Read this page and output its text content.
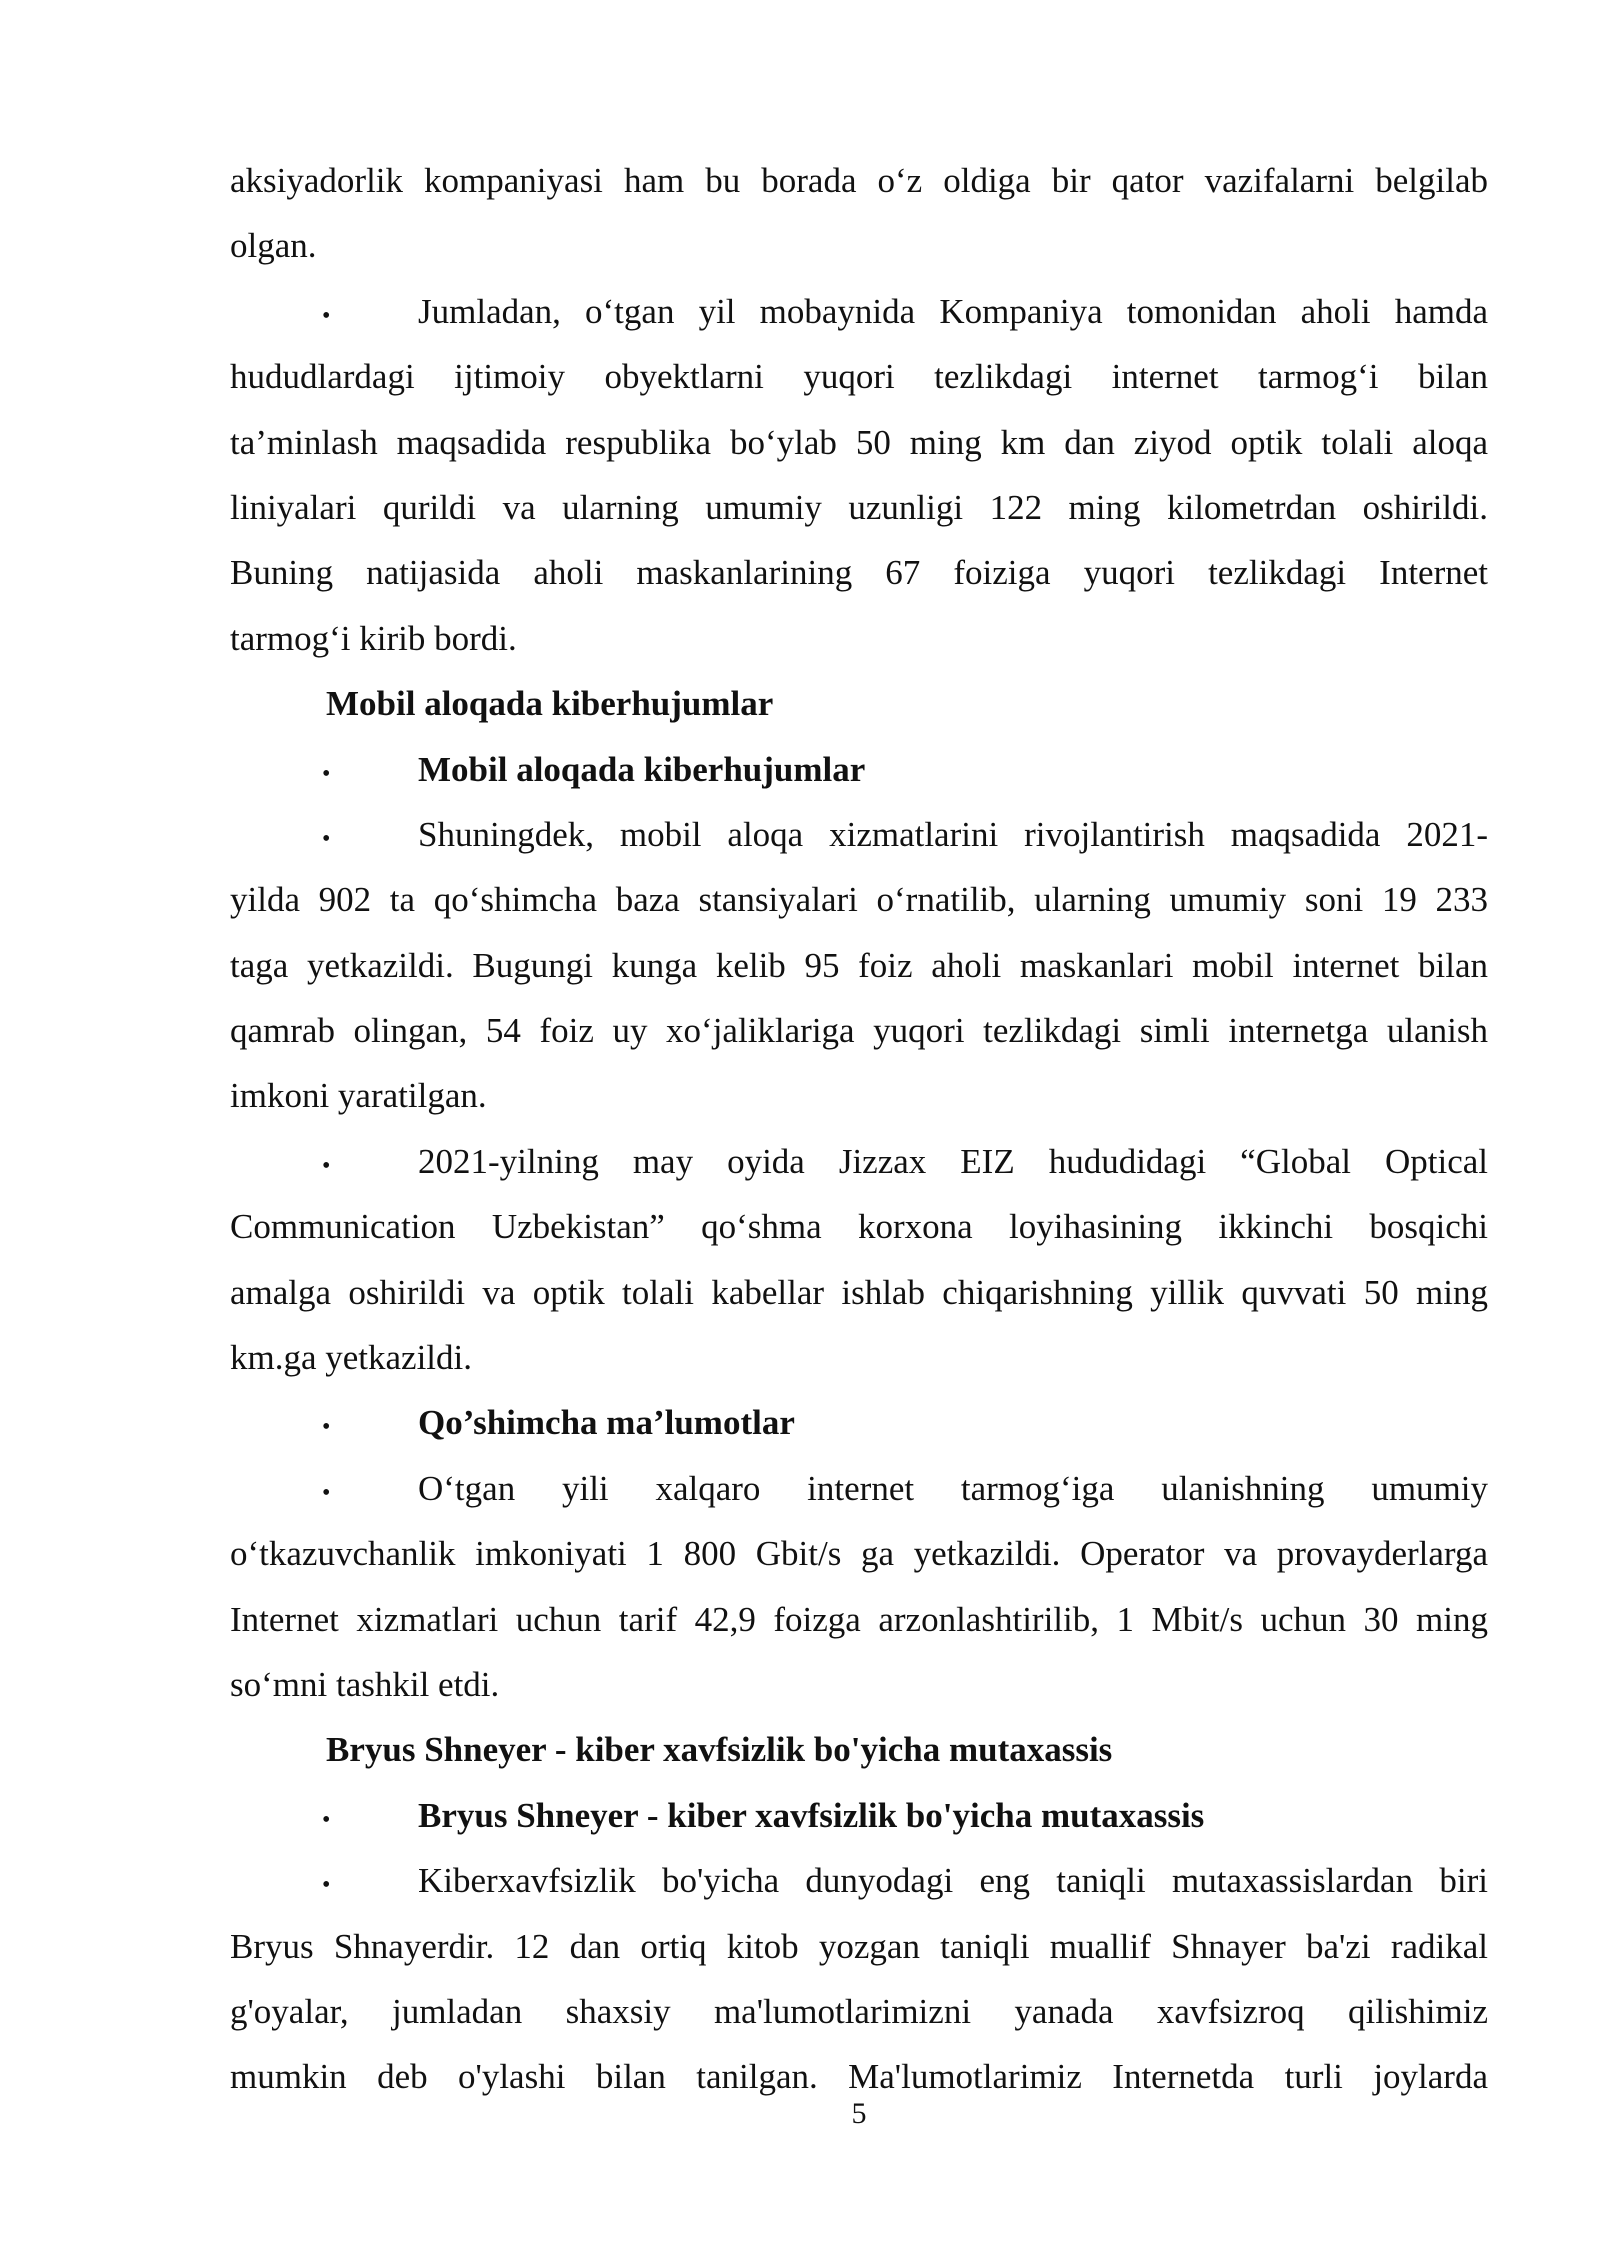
aksiyadorlik kompaniyasi ham bu borada o‘z oldiga bir qator vazifalarni belgilab
olgan.
•	Jumladan, o‘tgan yil mobaynida Kompaniya tomonidan aholi hamda
hududlardagi ijtimoiy obyektlarni yuqori tezlikdagi internet tarmog‘i bilan
ta’minlash maqsadida respublika bo‘ylab 50 ming km dan ziyod optik tolali aloqa
liniyalari qurildi va ularning umumiy uzunligi 122 ming kilometrdan oshirildi.
Buning natijasida aholi maskanlarining 67 foiziga yuqori tezlikdagi Internet
tarmog‘i kirib bordi.
Mobil aloqada kiberhujumlar
•	Mobil aloqada kiberhujumlar
•	Shuningdek, mobil aloqa xizmatlarini rivojlantirish maqsadida 2021-
yilda 902 ta qo‘shimcha baza stansiyalari o‘rnatilib, ularning umumiy soni 19 233
taga yetkazildi. Bugungi kunga kelib 95 foiz aholi maskanlari mobil internet bilan
qamrab olingan, 54 foiz uy xo‘jaliklariga yuqori tezlikdagi simli internetga ulanish
imkoni yaratilgan.
•	2021-yilning may oyida Jizzax EIZ hududidagi “Global Optical
Communication Uzbekistan” qo‘shma korxona loyihasining ikkinchi bosqichi
amalga oshirildi va optik tolali kabellar ishlab chiqarishning yillik quvvati 50 ming
km.ga yetkazildi.
•	Qo’shimcha ma’lumotlar
•	O‘tgan yili xalqaro internet tarmog‘iga ulanishning umumiy
o‘tkazuvchanlik imkoniyati 1 800 Gbit/s ga yetkazildi. Operator va provayderlarga
Internet xizmatlari uchun tarif 42,9 foizga arzonlashtirilib, 1 Mbit/s uchun 30 ming
so‘mni tashkil etdi.
Bryus Shneyer - kiber xavfsizlik bo'yicha mutaxassis
•	Bryus Shneyer - kiber xavfsizlik bo'yicha mutaxassis
•	Kiberxavfsizlik bo'yicha dunyodagi eng taniqli mutaxassislardan biri
Bryus Shnayerdir. 12 dan ortiq kitob yozgan taniqli muallif Shnayer ba'zi radikal
g'oyalar, jumladan shaxsiy ma'lumotlarimizni yanada xavfsizroq qilishimiz
mumkin deb o'ylashi bilan tanilgan. Ma'lumotlarimiz Internetda turli joylarda
5
